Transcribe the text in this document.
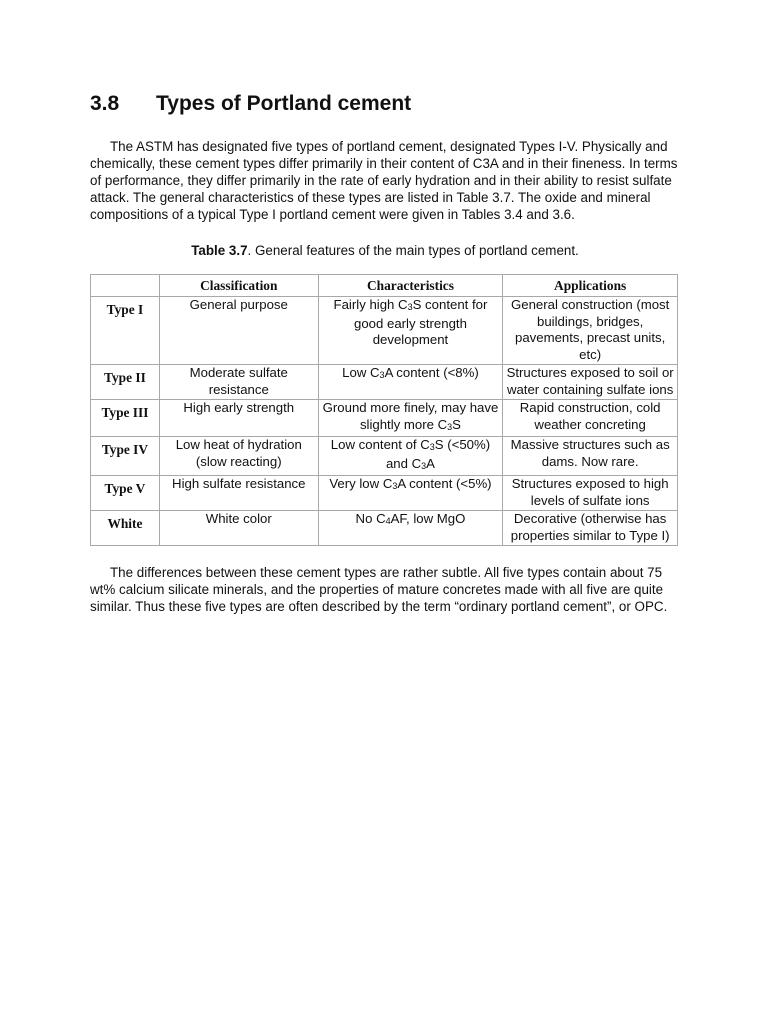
3.8	Types of Portland cement

The ASTM has designated five types of portland cement, designated Types I-V. Physically and chemically, these cement types differ primarily in their content of C3A and in their fineness. In terms of performance, they differ primarily in the rate of early hydration and in their ability to resist sulfate attack. The general characteristics of these types are listed in Table 3.7. The oxide and mineral compositions of a typical Type I portland cement were given in Tables 3.4 and 3.6.

Table 3.7. General features of the main types of portland cement.

	Classification	Characteristics	Applications
Type I	General purpose	Fairly high $C_3S$ content for good early strength development	General construction (most buildings, bridges, pavements, precast units, etc)
Type II	Moderate sulfate resistance	Low $C_3A$ content (<8%)	Structures exposed to soil or water containing sulfate ions
Type III	High early strength	Ground more finely, may have slightly more $C_3S$	Rapid construction, cold weather concreting
Type IV	Low heat of hydration (slow reacting)	Low content of $C_3S$ (<50%) and $C_3A$	Massive structures such as dams. Now rare.
Type V	High sulfate resistance	Very low $C_3A$ content (<5%)	Structures exposed to high levels of sulfate ions
White	White color	No $C_4AF$, low MgO	Decorative (otherwise has properties similar to Type I)

The differences between these cement types are rather subtle. All five types contain about 75 wt% calcium silicate minerals, and the properties of mature concretes made with all five are quite similar. Thus these five types are often described by the term “ordinary portland cement”, or OPC.
